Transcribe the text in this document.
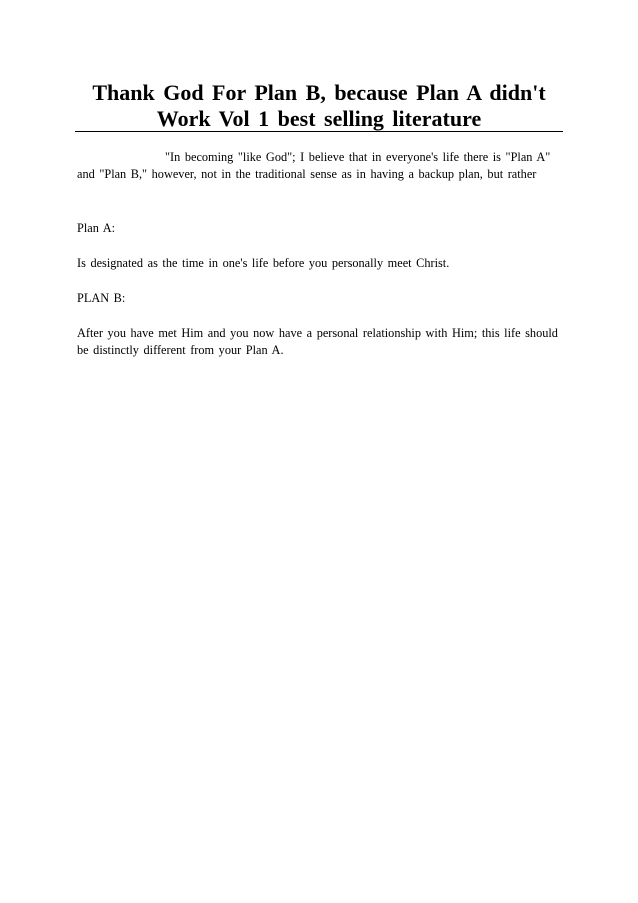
Thank God For Plan B, because Plan A didn't Work Vol 1 best selling literature

"In becoming "like God"; I believe that in everyone's life there is "Plan A" and "Plan B," however, not in the traditional sense as in having a backup plan, but rather

Plan A:

Is designated as the time in one's life before you personally meet Christ.

PLAN B:

After you have met Him and you now have a personal relationship with Him; this life should be distinctly different from your Plan A.
